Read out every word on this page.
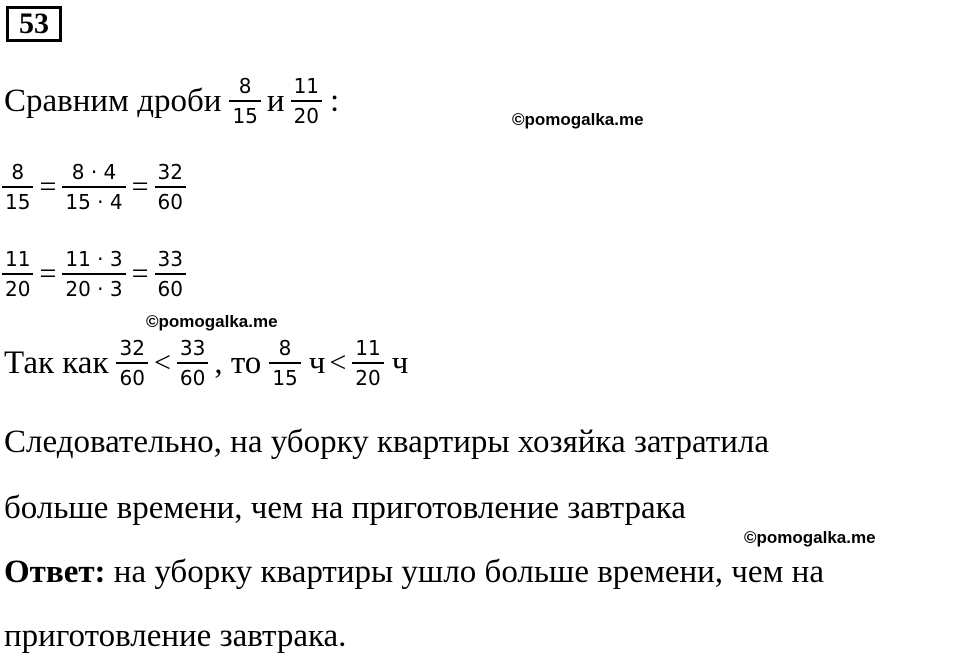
53
Сравним дроби $\frac{8}{15}$ и $\frac{11}{20}$ :
©pomogalka.me
$\frac{8}{15} = \frac{8 \cdot 4}{15 \cdot 4} = \frac{32}{60}$
$\frac{11}{20} = \frac{11 \cdot 3}{20 \cdot 3} = \frac{33}{60}$
©pomogalka.me
Так как $\frac{32}{60} < \frac{33}{60}$ , то $\frac{8}{15}$ $ч < \frac{11}{20}$ ч
Следовательно, на уборку квартиры хозяйка затратила
больше времени, чем на приготовление завтрака
©pomogalka.me
Ответ: на уборку квартиры ушло больше времени, чем на
приготовление завтрака.
